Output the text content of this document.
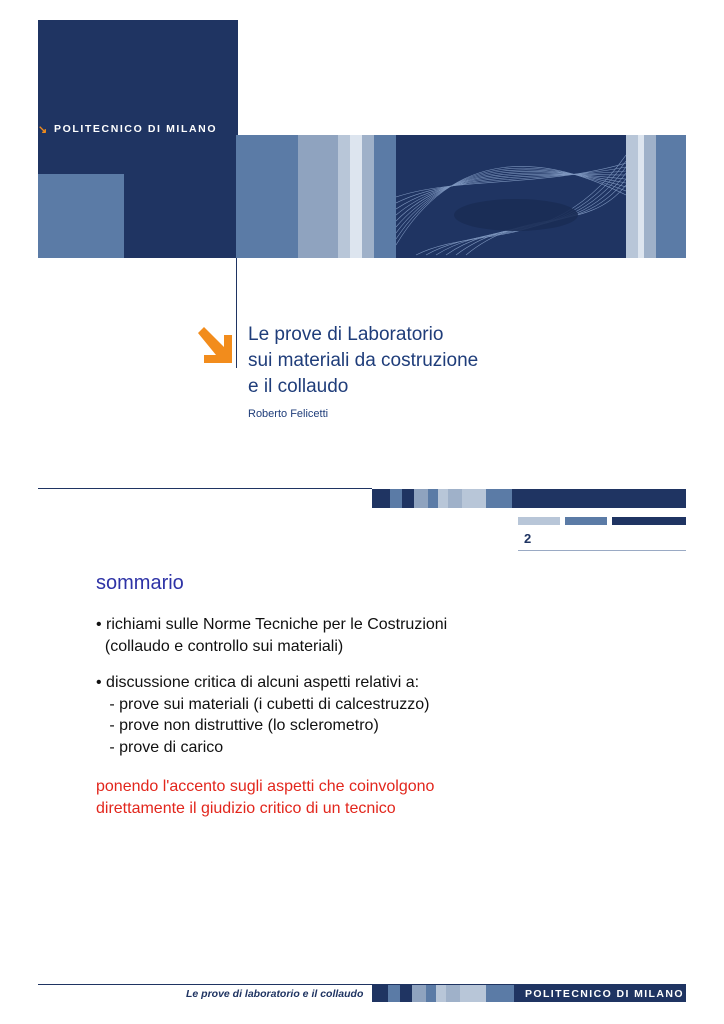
↘ POLITECNICO DI MILANO
Le prove di Laboratorio
sui materiali da costruzione
e il collaudo
Roberto Felicetti
2
sommario
• richiami sulle Norme Tecniche per le Costruzioni
(collaudo e controllo sui materiali)
• discussione critica di alcuni aspetti relativi a:
- prove sui materiali (i cubetti di calcestruzzo)
- prove non distruttive (lo sclerometro)
- prove di carico
ponendo l'accento sugli aspetti che coinvolgono
direttamente il giudizio critico di un tecnico
Le prove di laboratorio e il collaudo	POLITECNICO DI MILANO
